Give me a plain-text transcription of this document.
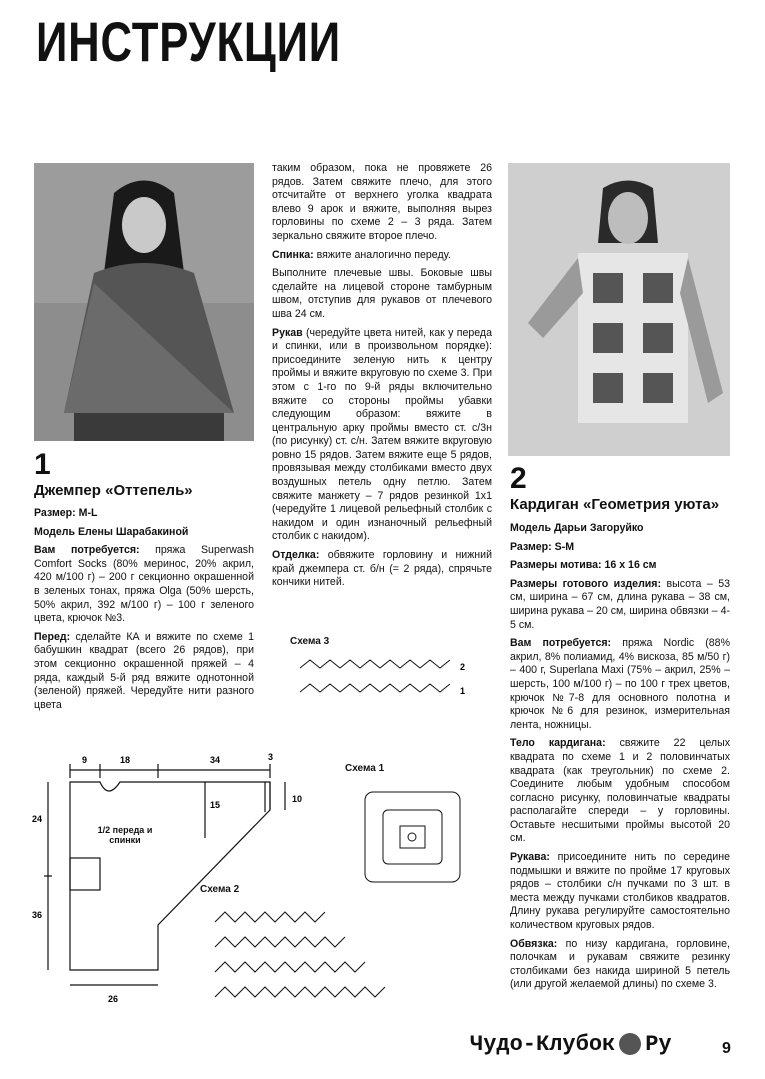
ИНСТРУКЦИИ
1
Джемпер «Оттепель»

Размер: M-L

Модель Елены Шарабакиной

Вам потребуется: пряжа Superwash Comfort Socks (80% меринос, 20% акрил, 420 м/100 г) – 200 г секционно окрашенной в зеленых тонах, пряжа Olga (50% шерсть, 50% акрил, 392 м/100 г) – 100 г зеленого цвета, крючок №3.

Перед: сделайте КА и вяжите по схеме 1 бабушкин квадрат (всего 26 рядов), при этом секционно окрашенной пряжей – 4 ряда, каждый 5-й ряд вяжите однотонной (зеленой) пряжей. Чередуйте нити разного цвета

таким образом, пока не провяжете 26 рядов. Затем свяжите плечо, для этого отсчитайте от верхнего уголка квадрата влево 9 арок и вяжите, выполняя вырез горловины по схеме 2 – 3 ряда. Затем зеркально свяжите второе плечо.

Спинка: вяжите аналогично переду.

Выполните плечевые швы. Боковые швы сделайте на лицевой стороне тамбурным швом, отступив для рукавов от плечевого шва 24 см.

Рукав (чередуйте цвета нитей, как у переда и спинки, или в произвольном порядке): присоедините зеленую нить к центру проймы и вяжите вкруговую по схеме 3. При этом с 1-го по 9-й ряды включительно вяжите со стороны проймы убавки следующим образом: вяжите в центральную арку проймы вместо ст. с/3н (по рисунку) ст. с/н. Затем вяжите вкруговую ровно 15 рядов. Затем вяжите еще 5 рядов, провязывая между столбиками вместо двух воздушных петель одну петлю. Затем свяжите манжету – 7 рядов резинкой 1х1 (чередуйте 1 лицевой рельефный столбик с накидом и один изнаночный рельефный столбик с накидом).

Отделка: обвяжите горловину и нижний край джемпера ст. б/н (= 2 ряда), спрячьте кончики нитей.

2
Кардиган «Геометрия уюта»

Модель Дарьи Загоруйко

Размер: S-M

Размеры мотива: 16 х 16 см

Размеры готового изделия: высота – 53 см, ширина – 67 см, длина рукава – 38 см, ширина рукава – 20 см, ширина обвязки – 4-5 см.

Вам потребуется: пряжа Nordic (88% акрил, 8% полиамид, 4% вискоза, 85 м/50 г) – 400 г, Superlana Maxi (75% – акрил, 25% – шерсть, 100 м/100 г) – по 100 г трех цветов, крючок №7-8 для основного полотна и крючок №6 для резинок, измерительная лента, ножницы.

Тело кардигана: свяжите 22 целых квадрата по схеме 1 и 2 половинчатых квадрата (как треугольник) по схеме 2. Соедините любым удобным способом согласно рисунку, половинчатые квадраты располагайте спереди – у горловины. Оставьте несшитыми проймы высотой 20 см.

Рукава: присоедините нить по середине подмышки и вяжите по пройме 17 круговых рядов – столбики с/н пучками по 3 шт. в места между пучками столбиков квадратов. Длину рукава регулируйте самостоятельно количеством круговых рядов.

Обвязка: по низу кардигана, горловине, полочкам и рукавам свяжите резинку столбиками без накида шириной 5 петель (или другой желаемой длины) по схеме 3.

9	18	34	3
24
36
26
15
10
1/2 переда и спинки
Схема 3
2
1
Схема 1
Схема 2
Чудо-Клубок Ру	9
